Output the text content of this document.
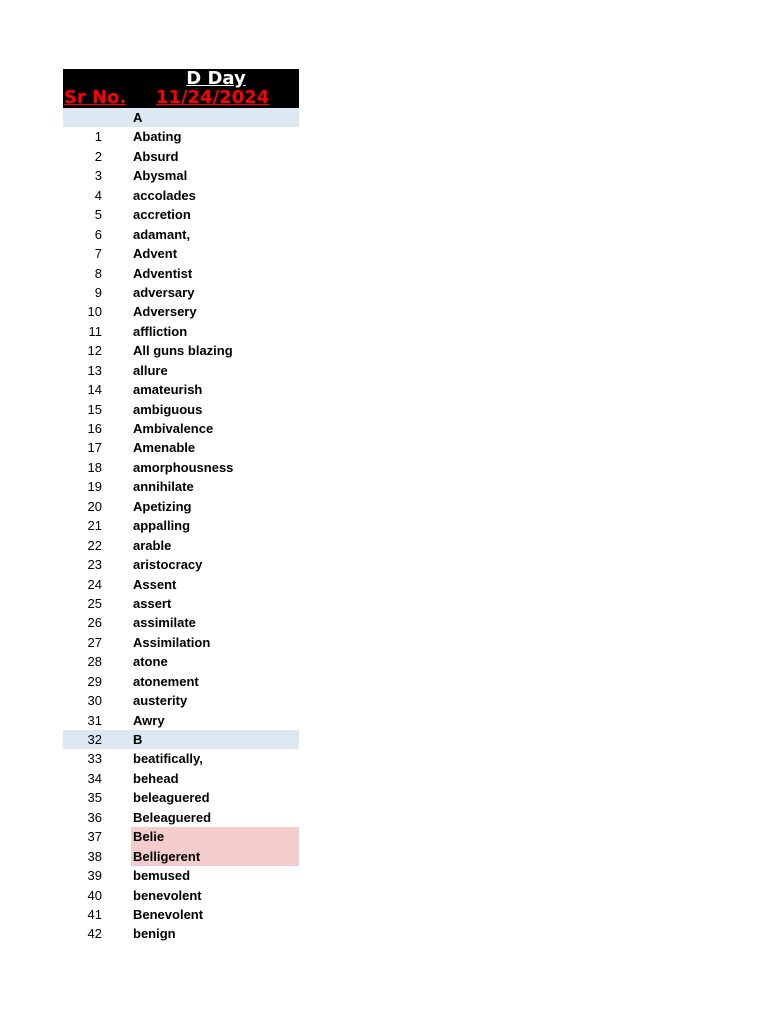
D Day
Sr No. 11/24/2024
A
1 Abating
2 Absurd
3 Abysmal
4 accolades
5 accretion
6 adamant,
7 Advent
8 Adventist
9 adversary
10 Adversery
11 affliction
12 All guns blazing
13 allure
14 amateurish
15 ambiguous
16 Ambivalence
17 Amenable
18 amorphousness
19 annihilate
20 Apetizing
21 appalling
22 arable
23 aristocracy
24 Assent
25 assert
26 assimilate
27 Assimilation
28 atone
29 atonement
30 austerity
31 Awry
32 B
33 beatifically,
34 behead
35 beleaguered
36 Beleaguered
37 Belie
38 Belligerent
39 bemused
40 benevolent
41 Benevolent
42 benign
